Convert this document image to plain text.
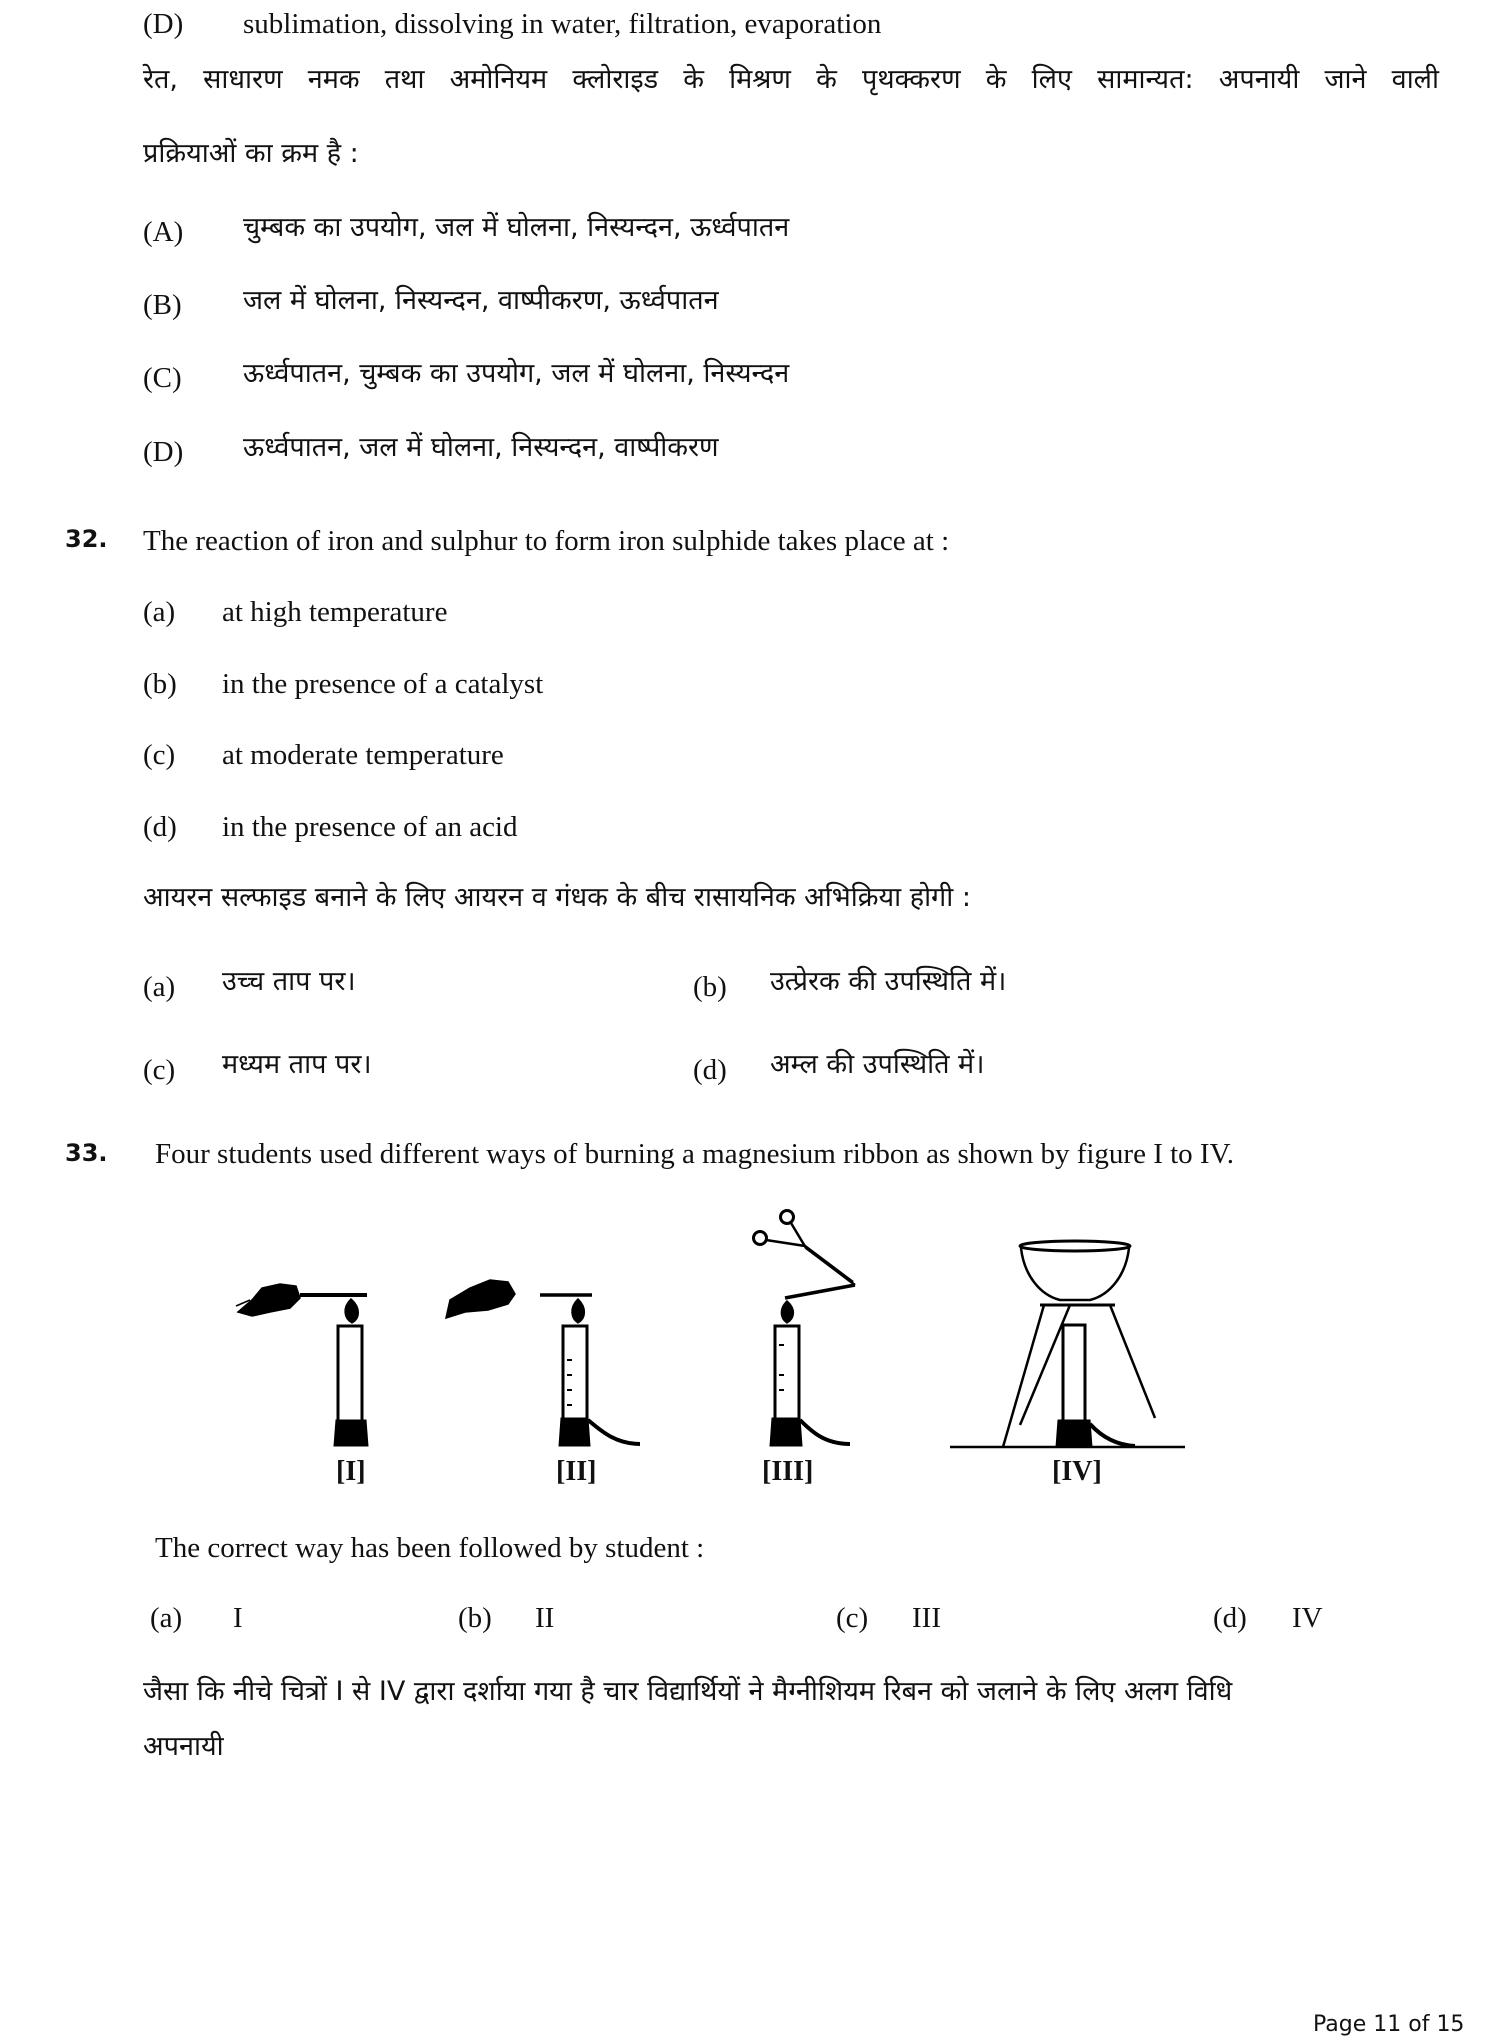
(D) sublimation, dissolving in water, filtration, evaporation
रेत, साधारण नमक तथा अमोनियम क्लोराइड के मिश्रण के पृथक्करण के लिए सामान्यत: अपनायी जाने वाली
प्रक्रियाओं का क्रम है :
(A) चुम्बक का उपयोग, जल में घोलना, निस्यन्दन, ऊर्ध्वपातन
(B) जल में घोलना, निस्यन्दन, वाष्पीकरण, ऊर्ध्वपातन
(C) ऊर्ध्वपातन, चुम्बक का उपयोग, जल में घोलना, निस्यन्दन
(D) ऊर्ध्वपातन, जल में घोलना, निस्यन्दन, वाष्पीकरण
32. The reaction of iron and sulphur to form iron sulphide takes place at :
(a) at high temperature
(b) in the presence of a catalyst
(c) at moderate temperature
(d) in the presence of an acid
आयरन सल्फाइड बनाने के लिए आयरन व गंधक के बीच रासायनिक अभिक्रिया होगी :
(a) उच्च ताप पर।	(b) उत्प्रेरक की उपस्थिति में।
(c) मध्यम ताप पर।	(d) अम्ल की उपस्थिति में।
33. Four students used different ways of burning a magnesium ribbon as shown by figure I to IV.
[I]	[II]	[III]	[IV]
The correct way has been followed by student :
(a) I	(b) II	(c) III	(d) IV
जैसा कि नीचे चित्रों I से IV द्वारा दर्शाया गया है चार विद्यार्थियों ने मैग्नीशियम रिबन को जलाने के लिए अलग विधि
अपनायी
Page 11 of 15
